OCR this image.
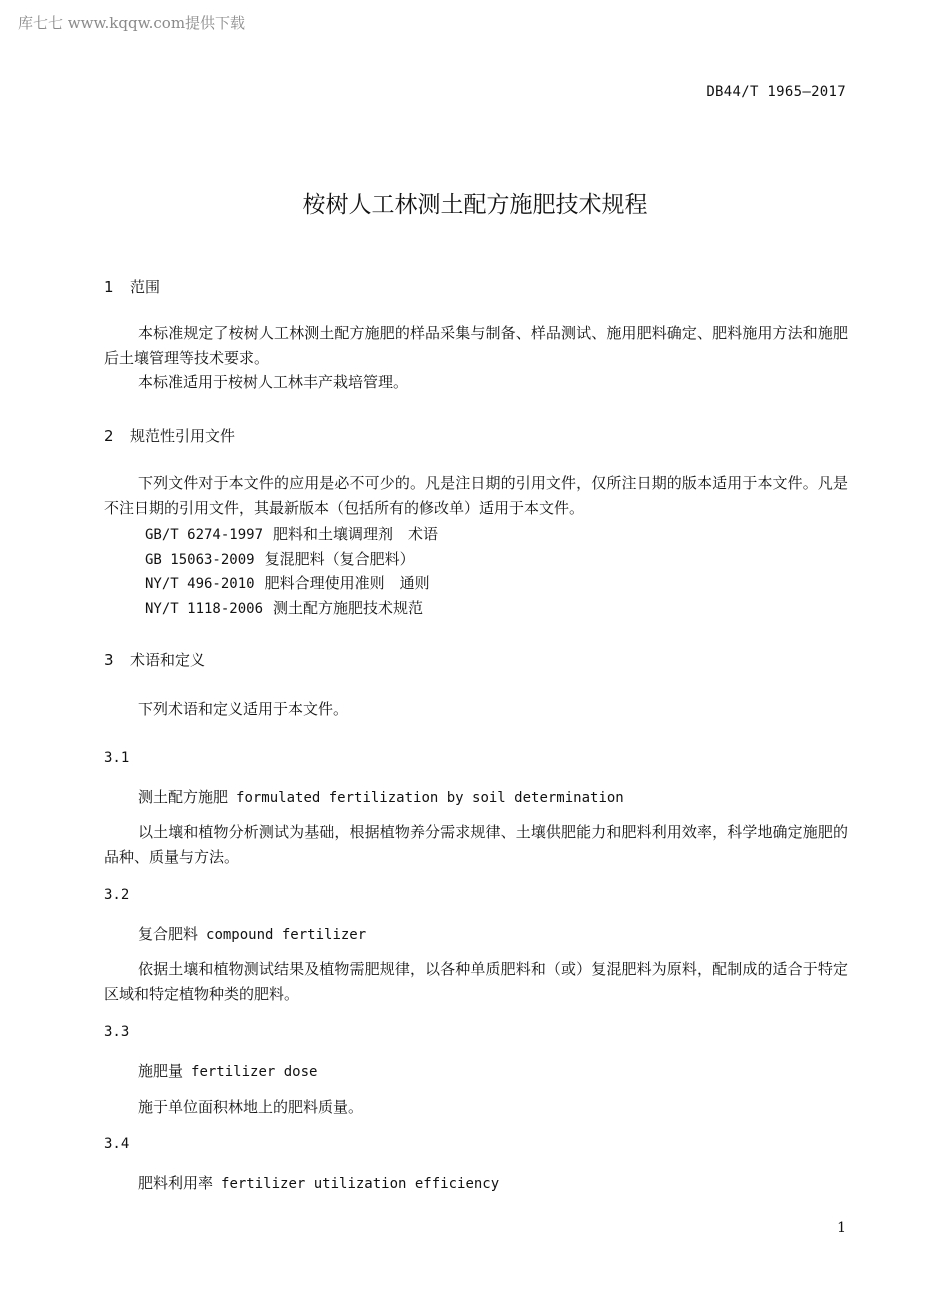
库七七 www.kqqw.com提供下载
DB44/T 1965—2017
桉树人工林测土配方施肥技术规程
1 范围
本标准规定了桉树人工林测土配方施肥的样品采集与制备、样品测试、施用肥料确定、肥料施用方法和施肥后土壤管理等技术要求。
本标准适用于桉树人工林丰产栽培管理。
2 规范性引用文件
下列文件对于本文件的应用是必不可少的。凡是注日期的引用文件，仅所注日期的版本适用于本文件。凡是不注日期的引用文件，其最新版本（包括所有的修改单）适用于本文件。
GB/T 6274-1997 肥料和土壤调理剂　术语
GB 15063-2009 复混肥料（复合肥料）
NY/T 496-2010 肥料合理使用准则　通则
NY/T 1118-2006 测土配方施肥技术规范
3 术语和定义
下列术语和定义适用于本文件。
3.1
测土配方施肥 formulated fertilization by soil determination
以土壤和植物分析测试为基础，根据植物养分需求规律、土壤供肥能力和肥料利用效率，科学地确定施肥的品种、质量与方法。
3.2
复合肥料 compound fertilizer
依据土壤和植物测试结果及植物需肥规律，以各种单质肥料和（或）复混肥料为原料，配制成的适合于特定区域和特定植物种类的肥料。
3.3
施肥量 fertilizer dose
施于单位面积林地上的肥料质量。
3.4
肥料利用率 fertilizer utilization efficiency
1
